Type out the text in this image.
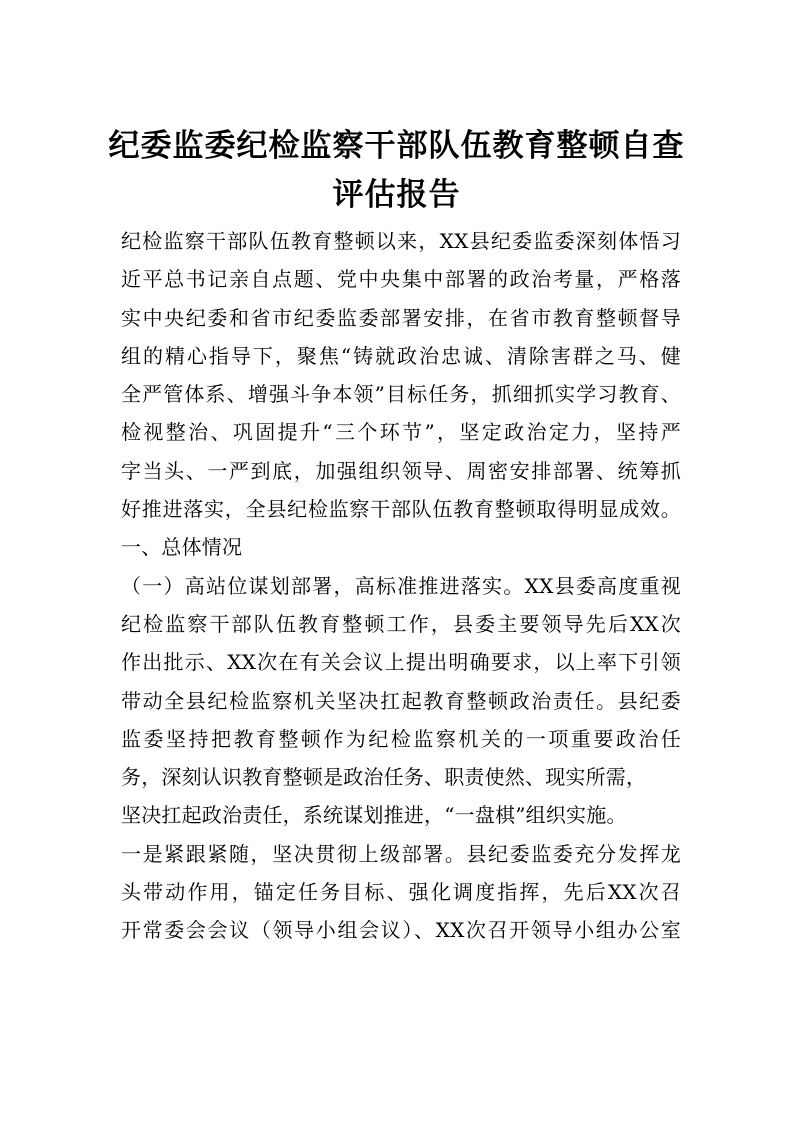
纪委监委纪检监察干部队伍教育整顿自查
评估报告
纪检监察干部队伍教育整顿以来，XX县纪委监委深刻体悟习
近平总书记亲自点题、党中央集中部署的政治考量，严格落
实中央纪委和省市纪委监委部署安排，在省市教育整顿督导
组的精心指导下，聚焦“铸就政治忠诚、清除害群之马、健
全严管体系、增强斗争本领”目标任务，抓细抓实学习教育、
检视整治、巩固提升“三个环节”，坚定政治定力，坚持严
字当头、一严到底，加强组织领导、周密安排部署、统筹抓
好推进落实，全县纪检监察干部队伍教育整顿取得明显成效。
一、总体情况
（一）高站位谋划部署，高标准推进落实。XX县委高度重视
纪检监察干部队伍教育整顿工作，县委主要领导先后XX次
作出批示、XX次在有关会议上提出明确要求，以上率下引领
带动全县纪检监察机关坚决扛起教育整顿政治责任。县纪委
监委坚持把教育整顿作为纪检监察机关的一项重要政治任
务，深刻认识教育整顿是政治任务、职责使然、现实所需，
坚决扛起政治责任，系统谋划推进，“一盘棋”组织实施。
一是紧跟紧随，坚决贯彻上级部署。县纪委监委充分发挥龙
头带动作用，锚定任务目标、强化调度指挥，先后XX次召
开常委会会议（领导小组会议）、XX次召开领导小组办公室
